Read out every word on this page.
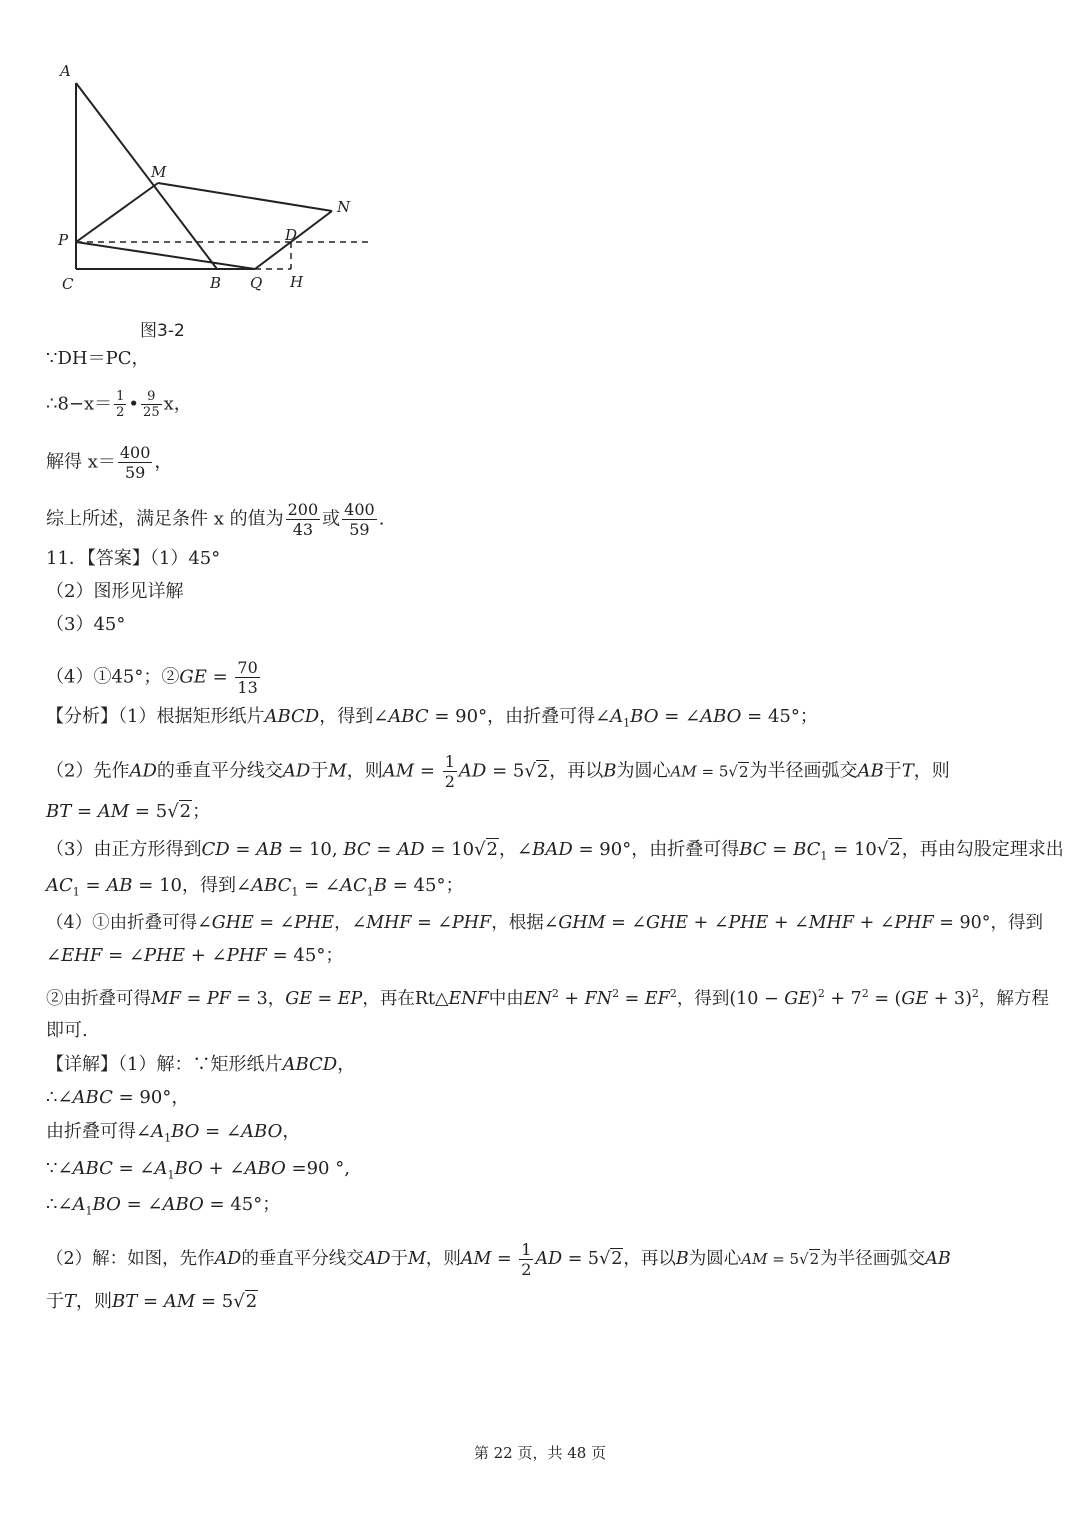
A
M
N
P	D
C	B Q H
图3-2
∵DH＝PC，
∴8−x＝ $\frac{1}{2}$ • $\frac{9}{25}$ x，
解得 $x= \frac{400}{59}$ ，
综上所述，满足条件 x 的值为 $\frac{200}{43}$ 或 $\frac{400}{59}$ .
11．【答案】（1）45°
（2）图形见详解
（3）45°
（4）①45°；②GE = $\frac{70}{13}$
【分析】（1）根据矩形纸片ABCD，得到∠ABC = 90°，由折叠可得$\angle A_1BO$ = ∠ABO = 45°；
（2）先作AD的垂直平分线交AD于M，则AM = $\frac{1}{2}$ AD = 5√2，再以B为圆心AM = 5√2为半径画弧交AB于T，则
BT = AM = 5√2；
（3）由正方形得到CD = AB = 10, BC = AD = 10√2，∠BAD = 90°，由折叠可得BC = $BC_1 = 10√2$，再由勾股定理求出
$AC_1$ = AB = 10，得到$\angle ABC_1$ = $\angle AC_1B = 45^\circ$；
（4）①由折叠可得∠GHE = ∠PHE，∠MHF = ∠PHF，根据∠GHM = ∠GHE + ∠PHE + ∠MHF + ∠PHF = 90°，得到
∠EHF = ∠PHE + ∠PHF = 45°；
②由折叠可得MF = PF = 3，GE = EP，再在Rt△ENF中由$EN^2 + FN^2 = EF^2$，得到$(10 - GE)^2 + 7^2 = (GE + 3)^2$，解方程
即可.
【详解】（1）解：∵矩形纸片ABCD，
∴∠ABC = 90°，
由折叠可得$\angle A_1BO$ = ∠ABO，
∵∠ABC = $\angle A_1BO$ + ∠ABO =90 °,
$\therefore\angle A_1BO$ = ∠ABO = 45°；
（2）解：如图，先作AD的垂直平分线交AD于M，则AM = $\frac{1}{2}$ AD = 5√2，再以B为圆心AM = 5√2为半径画弧交AB
于T，则BT = AM = 5√2
第 22 页，共 48 页
